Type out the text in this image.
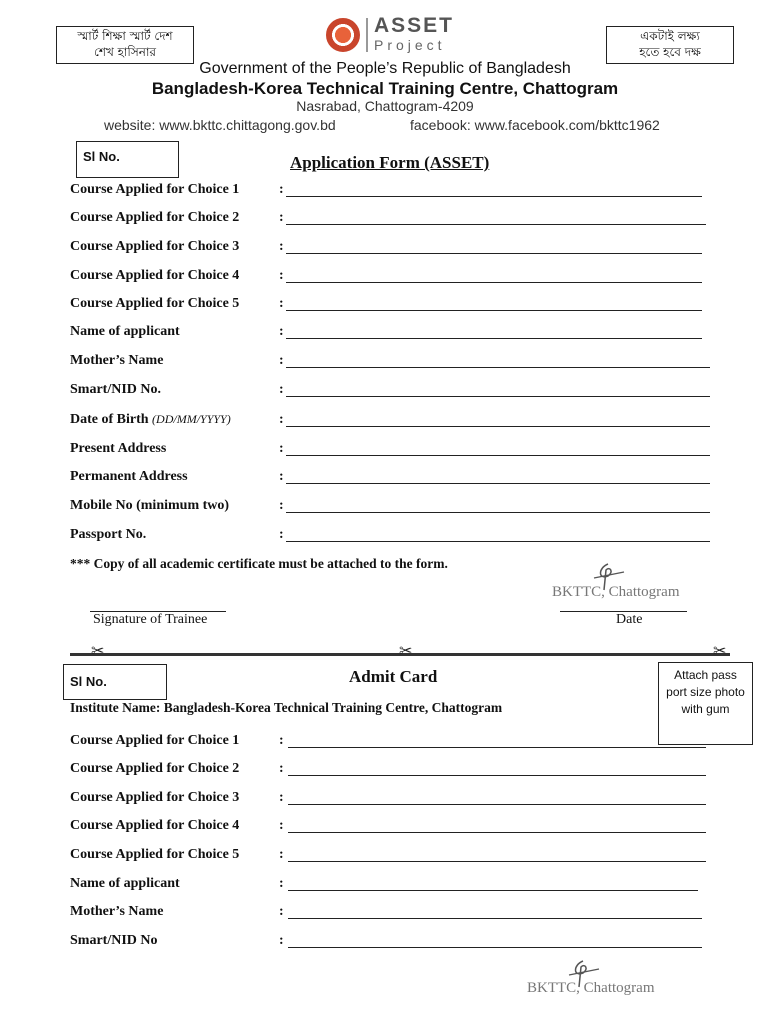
স্মার্ট শিক্ষা স্মার্ট দেশ
শেখ হাসিনার
ASSET
Project
একটাই লক্ষ্য
হতে হবে দক্ষ
Government of the People’s Republic of Bangladesh
Bangladesh-Korea Technical Training Centre, Chattogram
Nasrabad, Chattogram-4209
website: www.bkttc.chittagong.gov.bd	facebook: www.facebook.com/bkttc1962
Sl No.	Application Form (ASSET)
Course Applied for Choice 1	:
Course Applied for Choice 2	:
Course Applied for Choice 3	:
Course Applied for Choice 4	:
Course Applied for Choice 5	:
Name of applicant	:
Mother’s Name	:
Smart/NID No.	:
Date of Birth (DD/MM/YYYY)	:
Present Address	:
Permanent Address	:
Mobile No (minimum two)	:
Passport No.	:
*** Copy of all academic certificate must be attached to the form.
BKTTC, Chattogram
Signature of Trainee	Date
✂	✂	✂
Sl No.	Admit Card	Attach pass port size photo with gum
Institute Name: Bangladesh-Korea Technical Training Centre, Chattogram
Course Applied for Choice 1	:
Course Applied for Choice 2	:
Course Applied for Choice 3	:
Course Applied for Choice 4	:
Course Applied for Choice 5	:
Name of applicant	:
Mother’s Name	:
Smart/NID No	:
BKTTC, Chattogram
